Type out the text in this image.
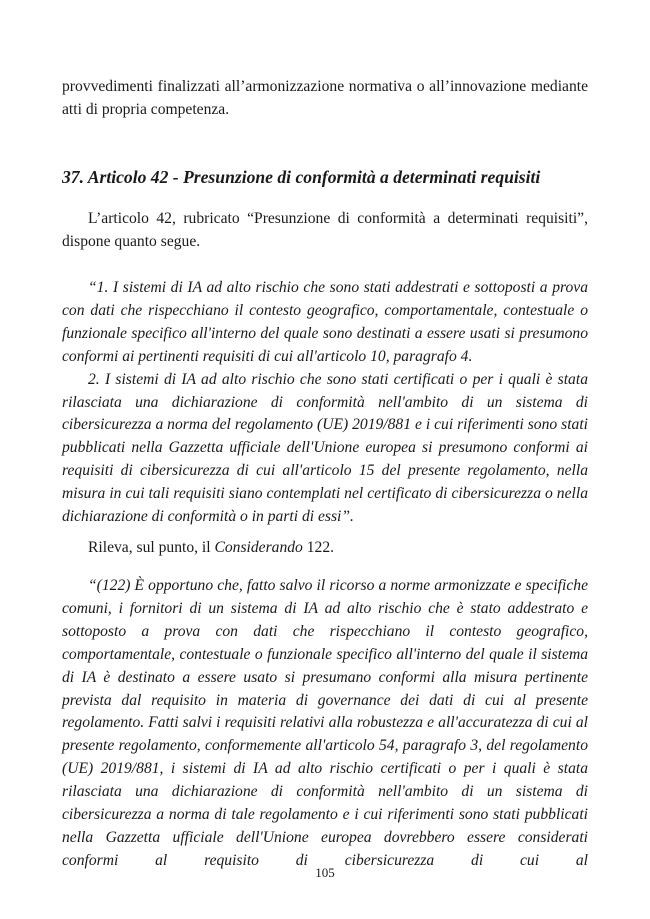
provvedimenti finalizzati all’armonizzazione normativa o all’innovazione mediante atti di propria competenza.

37. Articolo 42 - Presunzione di conformità a determinati requisiti

L’articolo 42, rubricato “Presunzione di conformità a determinati requisiti”, dispone quanto segue.

“1. I sistemi di IA ad alto rischio che sono stati addestrati e sottoposti a prova con dati che rispecchiano il contesto geografico, comportamentale, contestuale o funzionale specifico all'interno del quale sono destinati a essere usati si presumono conformi ai pertinenti requisiti di cui all'articolo 10, paragrafo 4.

2. I sistemi di IA ad alto rischio che sono stati certificati o per i quali è stata rilasciata una dichiarazione di conformità nell'ambito di un sistema di cibersicurezza a norma del regolamento (UE) 2019/881 e i cui riferimenti sono stati pubblicati nella Gazzetta ufficiale dell'Unione europea si presumono conformi ai requisiti di cibersicurezza di cui all'articolo 15 del presente regolamento, nella misura in cui tali requisiti siano contemplati nel certificato di cibersicurezza o nella dichiarazione di conformità o in parti di essi”.

Rileva, sul punto, il Considerando 122.

“(122) È opportuno che, fatto salvo il ricorso a norme armonizzate e specifiche comuni, i fornitori di un sistema di IA ad alto rischio che è stato addestrato e sottoposto a prova con dati che rispecchiano il contesto geografico, comportamentale, contestuale o funzionale specifico all'interno del quale il sistema di IA è destinato a essere usato si presumano conformi alla misura pertinente prevista dal requisito in materia di governance dei dati di cui al presente regolamento. Fatti salvi i requisiti relativi alla robustezza e all'accuratezza di cui al presente regolamento, conformemente all'articolo 54, paragrafo 3, del regolamento (UE) 2019/881, i sistemi di IA ad alto rischio certificati o per i quali è stata rilasciata una dichiarazione di conformità nell'ambito di un sistema di cibersicurezza a norma di tale regolamento e i cui riferimenti sono stati pubblicati nella Gazzetta ufficiale dell'Unione europea dovrebbero essere considerati conformi al requisito di cibersicurezza di cui al

105
